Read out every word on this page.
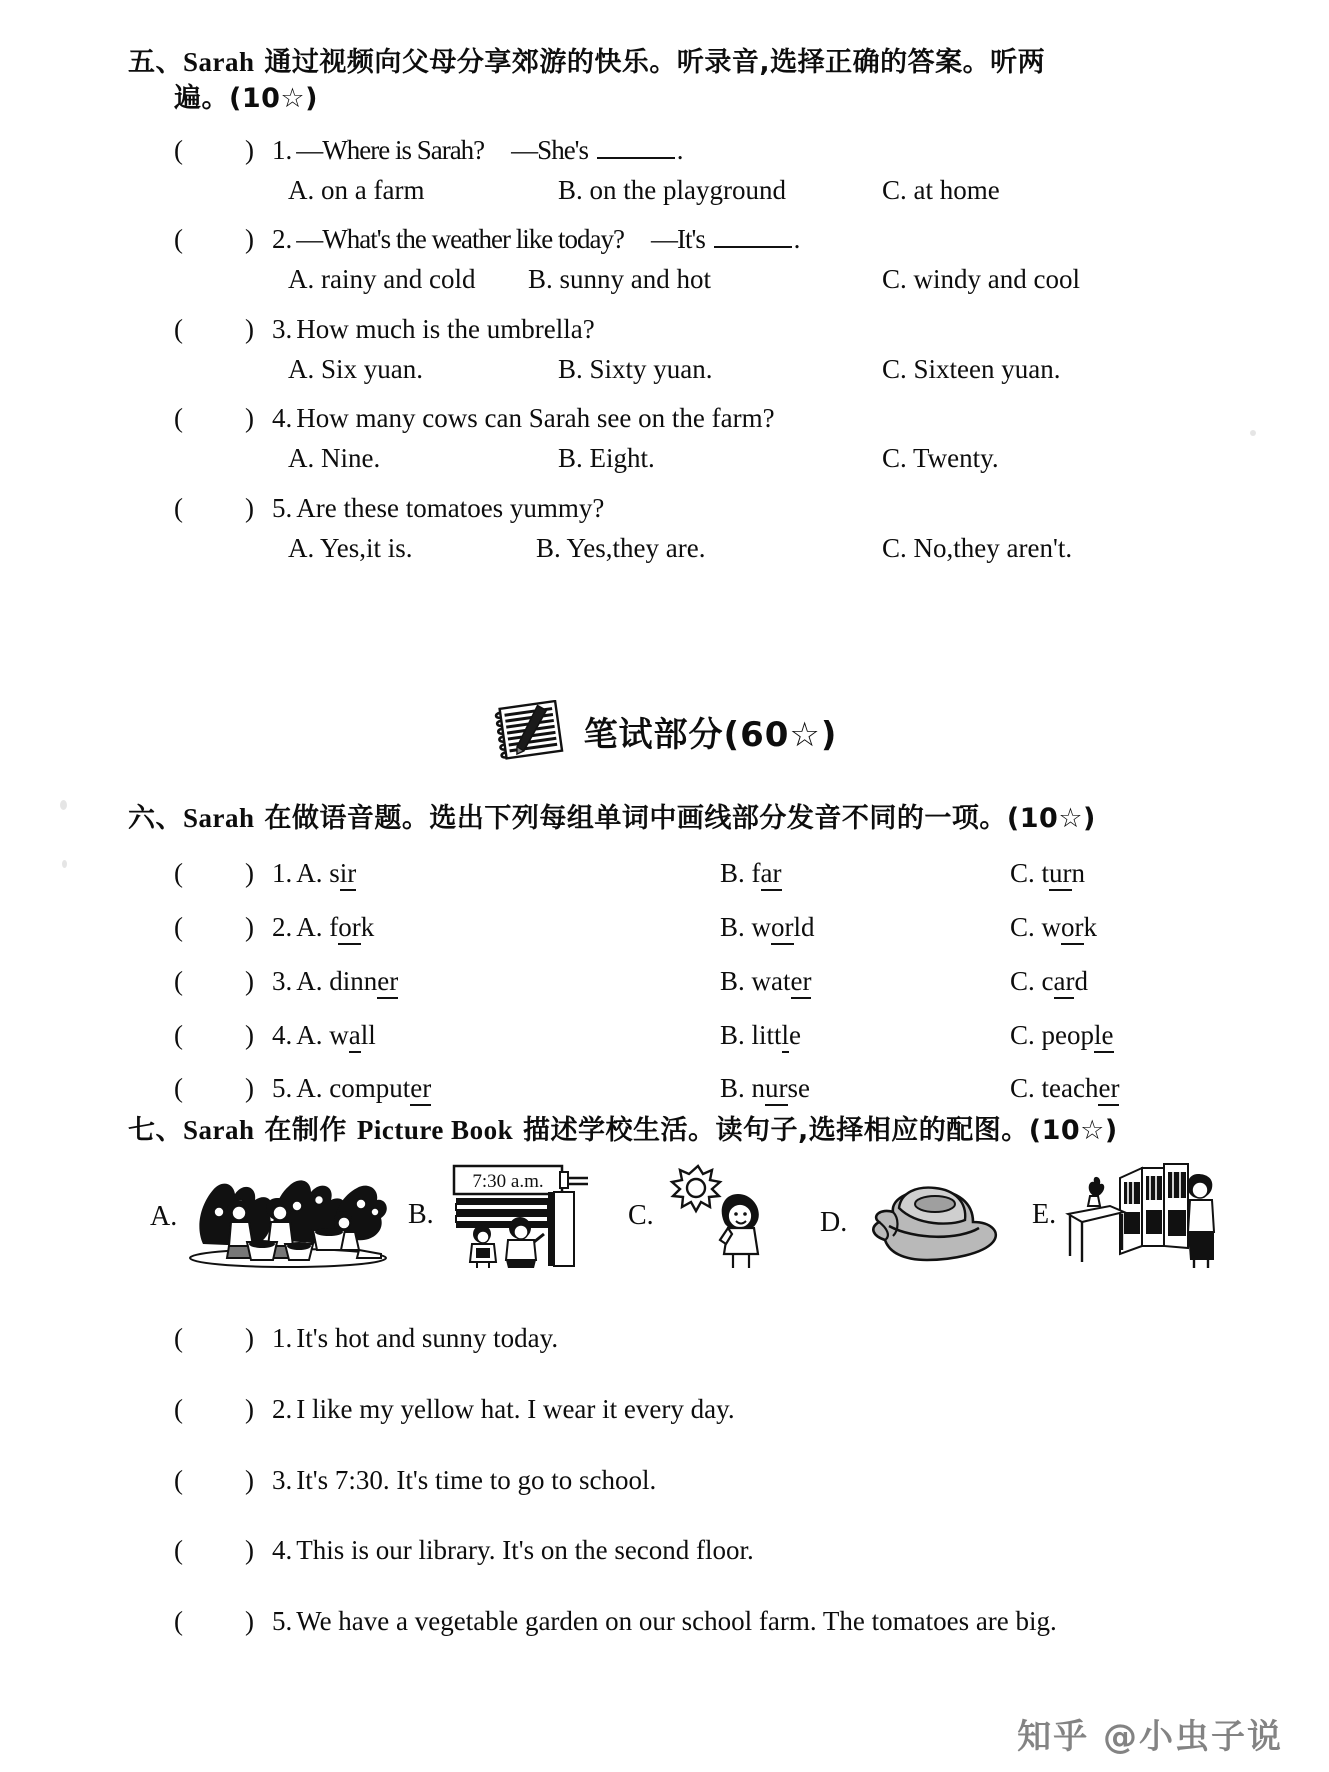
五、Sarah 通过视频向父母分享郊游的快乐。听录音,选择正确的答案。听两
遍。(10☆)
( ) 1. —Where is Sarah? —She's	.
A. on a farm	B. on the playground	C. at home
( ) 2. —What's the weather like today? —It's	.
A. rainy and cold B. sunny and hot	C. windy and cool
( ) 3. How much is the umbrella?
A. Six yuan.	B. Sixty yuan.	C. Sixteen yuan.
( ) 4. How many cows can Sarah see on the farm?
A. Nine.	B. Eight.	C. Twenty.
( ) 5. Are these tomatoes yummy?
A. Yes,it is.	B. Yes,they are.	C. No,they aren't.
笔试部分(60☆)
六、Sarah 在做语音题。选出下列每组单词中画线部分发音不同的一项。(10☆)
( ) 1. A. sir	B. far	C. turn
( ) 2. A. fork	B. world	C. work
( ) 3. A. dinner	B. water	C. card
( ) 4. A. wall	B. little	C. people
( ) 5. A. computer	B. nurse	C. teacher
七、Sarah 在制作 Picture Book 描述学校生活。读句子,选择相应的配图。(10☆)
A.	B.
7:30 a.m.
C.	D.	E.
( ) 1. It's hot and sunny today.
( ) 2. I like my yellow hat. I wear it every day.
( ) 3. It's 7:30. It's time to go to school.
( ) 4. This is our library. It's on the second floor.
( ) 5. We have a vegetable garden on our school farm. The tomatoes are big.
知乎 @小虫子说
